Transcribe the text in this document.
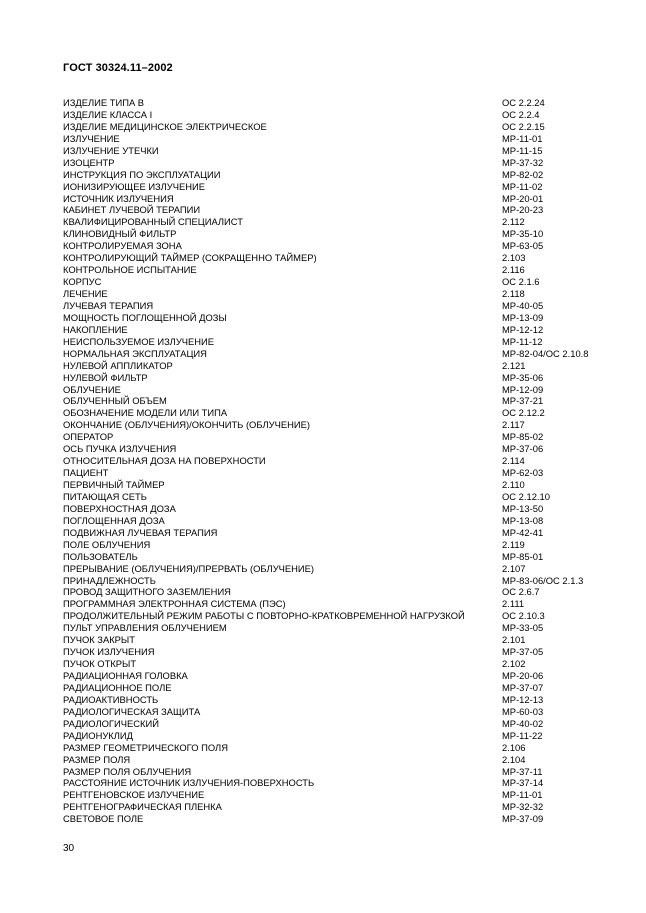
ГОСТ 30324.11–2002
ИЗДЕЛИЕ ТИПА В	ОС 2.2.24
ИЗДЕЛИЕ КЛАССА I	ОС 2.2.4
ИЗДЕЛИЕ МЕДИЦИНСКОЕ ЭЛЕКТРИЧЕСКОЕ	ОС 2.2.15
ИЗЛУЧЕНИЕ	МР-11-01
ИЗЛУЧЕНИЕ УТЕЧКИ	МР-11-15
ИЗОЦЕНТР	МР-37-32
ИНСТРУКЦИЯ ПО ЭКСПЛУАТАЦИИ	МР-82-02
ИОНИЗИРУЮЩЕЕ ИЗЛУЧЕНИЕ	МР-11-02
ИСТОЧНИК ИЗЛУЧЕНИЯ	МР-20-01
КАБИНЕТ ЛУЧЕВОЙ ТЕРАПИИ	МР-20-23
КВАЛИФИЦИРОВАННЫЙ СПЕЦИАЛИСТ	2.112
КЛИНОВИДНЫЙ ФИЛЬТР	МР-35-10
КОНТРОЛИРУЕМАЯ ЗОНА	МР-63-05
КОНТРОЛИРУЮЩИЙ ТАЙМЕР (СОКРАЩЕННО ТАЙМЕР)	2.103
КОНТРОЛЬНОЕ ИСПЫТАНИЕ	2.116
КОРПУС	ОС 2.1.6
ЛЕЧЕНИЕ	2.118
ЛУЧЕВАЯ ТЕРАПИЯ	МР-40-05
МОЩНОСТЬ ПОГЛОЩЕННОЙ ДОЗЫ	МР-13-09
НАКОПЛЕНИЕ	МР-12-12
НЕИСПОЛЬЗУЕМОЕ ИЗЛУЧЕНИЕ	МР-11-12
НОРМАЛЬНАЯ ЭКСПЛУАТАЦИЯ	МР-82-04/ОС 2.10.8
НУЛЕВОЙ АППЛИКАТОР	2.121
НУЛЕВОЙ ФИЛЬТР	МР-35-06
ОБЛУЧЕНИЕ	МР-12-09
ОБЛУЧЕННЫЙ ОБЪЕМ	МР-37-21
ОБОЗНАЧЕНИЕ МОДЕЛИ ИЛИ ТИПА	ОС 2.12.2
ОКОНЧАНИЕ (ОБЛУЧЕНИЯ)/ОКОНЧИТЬ (ОБЛУЧЕНИЕ)	2.117
ОПЕРАТОР	МР-85-02
ОСЬ ПУЧКА ИЗЛУЧЕНИЯ	МР-37-06
ОТНОСИТЕЛЬНАЯ ДОЗА НА ПОВЕРХНОСТИ	2.114
ПАЦИЕНТ	МР-62-03
ПЕРВИЧНЫЙ ТАЙМЕР	2.110
ПИТАЮЩАЯ СЕТЬ	ОС 2.12.10
ПОВЕРХНОСТНАЯ ДОЗА	МР-13-50
ПОГЛОЩЕННАЯ ДОЗА	МР-13-08
ПОДВИЖНАЯ ЛУЧЕВАЯ ТЕРАПИЯ	МР-42-41
ПОЛЕ ОБЛУЧЕНИЯ	2.119
ПОЛЬЗОВАТЕЛЬ	МР-85-01
ПРЕРЫВАНИЕ (ОБЛУЧЕНИЯ)/ПРЕРВАТЬ (ОБЛУЧЕНИЕ)	2.107
ПРИНАДЛЕЖНОСТЬ	МР-83-06/ОС 2.1.3
ПРОВОД ЗАЩИТНОГО ЗАЗЕМЛЕНИЯ	ОС 2.6.7
ПРОГРАММНАЯ ЭЛЕКТРОННАЯ СИСТЕМА (ПЭС)	2.111
ПРОДОЛЖИТЕЛЬНЫЙ РЕЖИМ РАБОТЫ С ПОВТОРНО-КРАТКОВРЕМЕННОЙ НАГРУЗКОЙ	ОС 2.10.3
ПУЛЬТ УПРАВЛЕНИЯ ОБЛУЧЕНИЕМ	МР-33-05
ПУЧОК ЗАКРЫТ	2.101
ПУЧОК ИЗЛУЧЕНИЯ	МР-37-05
ПУЧОК ОТКРЫТ	2.102
РАДИАЦИОННАЯ ГОЛОВКА	МР-20-06
РАДИАЦИОННОЕ ПОЛЕ	МР-37-07
РАДИОАКТИВНОСТЬ	МР-12-13
РАДИОЛОГИЧЕСКАЯ ЗАЩИТА	МР-60-03
РАДИОЛОГИЧЕСКИЙ	МР-40-02
РАДИОНУКЛИД	МР-11-22
РАЗМЕР ГЕОМЕТРИЧЕСКОГО ПОЛЯ	2.106
РАЗМЕР ПОЛЯ	2.104
РАЗМЕР ПОЛЯ ОБЛУЧЕНИЯ	МР-37-11
РАССТОЯНИЕ ИСТОЧНИК ИЗЛУЧЕНИЯ-ПОВЕРХНОСТЬ	МР-37-14
РЕНТГЕНОВСКОЕ ИЗЛУЧЕНИЕ	МР-11-01
РЕНТГЕНОГРАФИЧЕСКАЯ ПЛЕНКА	МР-32-32
СВЕТОВОЕ ПОЛЕ	МР-37-09
30
